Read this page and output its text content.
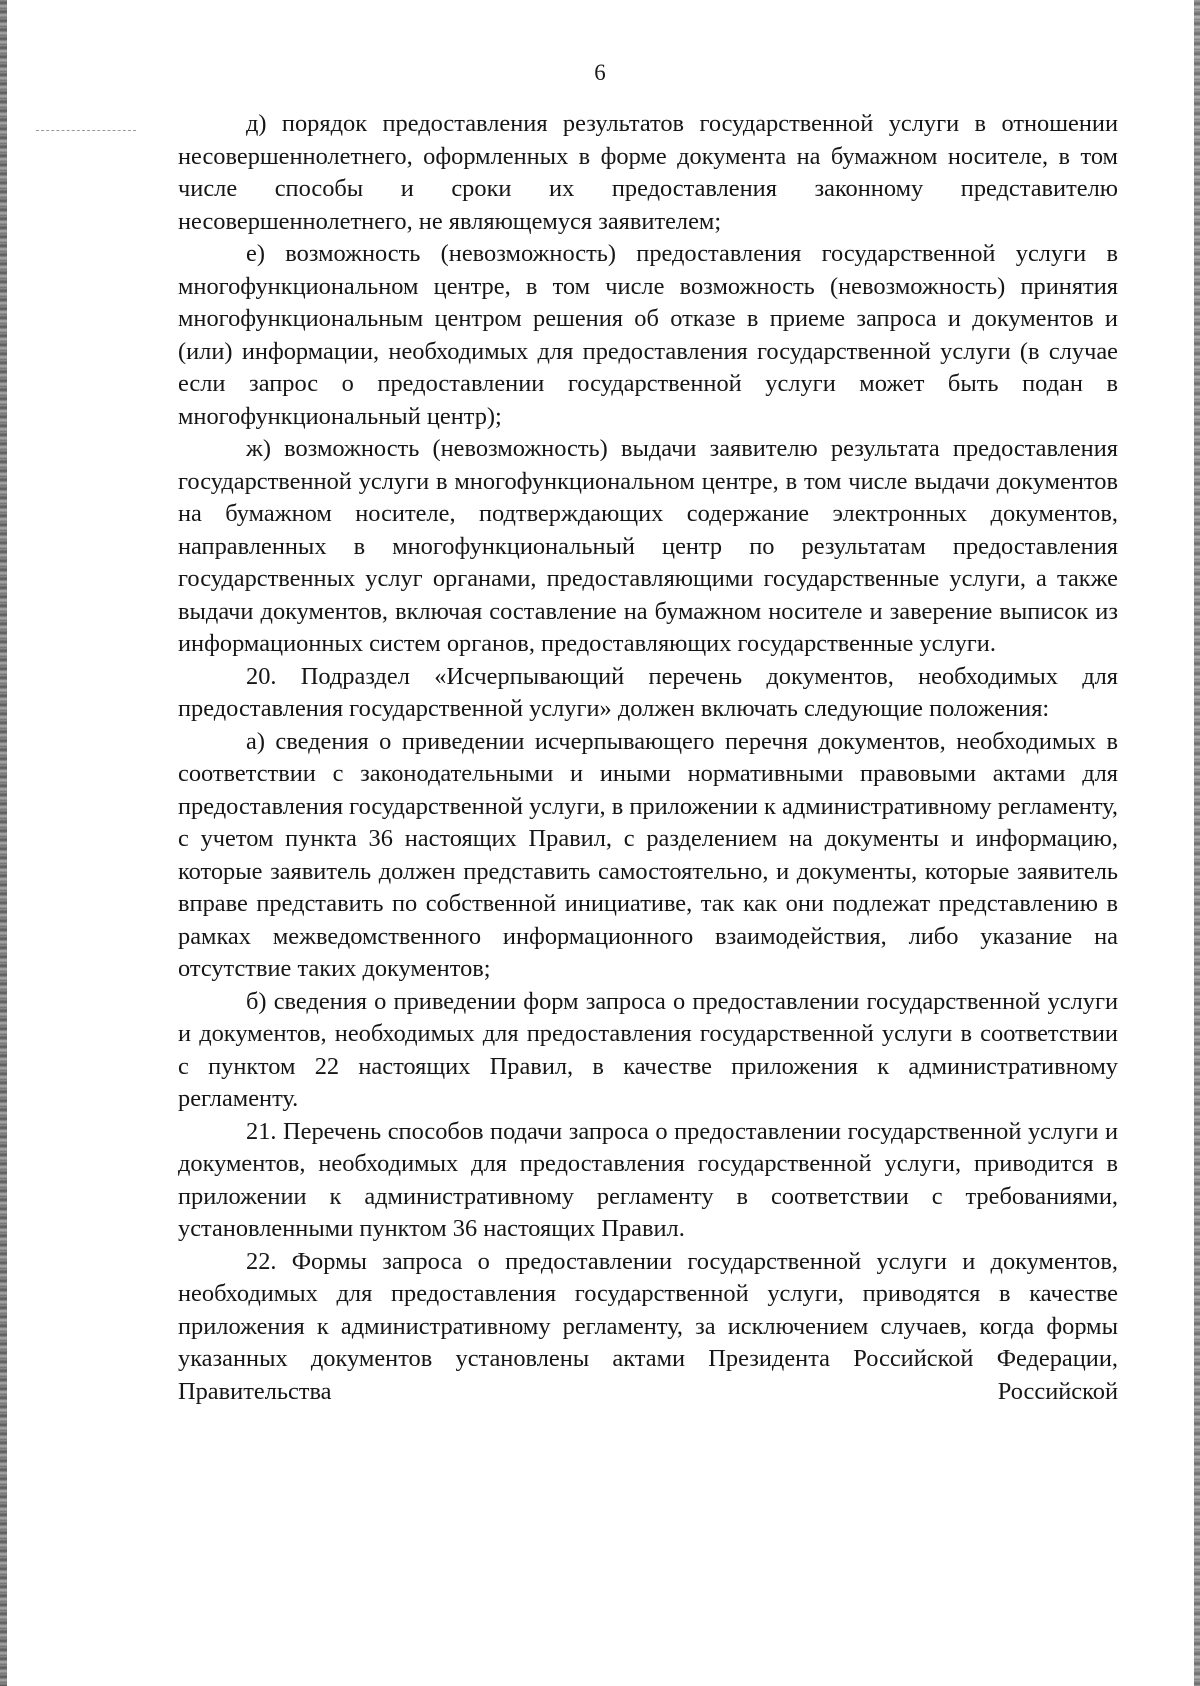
6

д) порядок предоставления результатов государственной услуги в отношении несовершеннолетнего, оформленных в форме документа на бумажном носителе, в том числе способы и сроки их предоставления законному представителю несовершеннолетнего, не являющемуся заявителем;

е) возможность (невозможность) предоставления государственной услуги в многофункциональном центре, в том числе возможность (невозможность) принятия многофункциональным центром решения об отказе в приеме запроса и документов и (или) информации, необходимых для предоставления государственной услуги (в случае если запрос о предоставлении государственной услуги может быть подан в многофункциональный центр);

ж) возможность (невозможность) выдачи заявителю результата предоставления государственной услуги в многофункциональном центре, в том числе выдачи документов на бумажном носителе, подтверждающих содержание электронных документов, направленных в многофункциональный центр по результатам предоставления государственных услуг органами, предоставляющими государственные услуги, а также выдачи документов, включая составление на бумажном носителе и заверение выписок из информационных систем органов, предоставляющих государственные услуги.

20. Подраздел «Исчерпывающий перечень документов, необходимых для предоставления государственной услуги» должен включать следующие положения:

а) сведения о приведении исчерпывающего перечня документов, необходимых в соответствии с законодательными и иными нормативными правовыми актами для предоставления государственной услуги, в приложении к административному регламенту, с учетом пункта 36 настоящих Правил, с разделением на документы и информацию, которые заявитель должен представить самостоятельно, и документы, которые заявитель вправе представить по собственной инициативе, так как они подлежат представлению в рамках межведомственного информационного взаимодействия, либо указание на отсутствие таких документов;

б) сведения о приведении форм запроса о предоставлении государственной услуги и документов, необходимых для предоставления государственной услуги в соответствии с пунктом 22 настоящих Правил, в качестве приложения к административному регламенту.

21. Перечень способов подачи запроса о предоставлении государственной услуги и документов, необходимых для предоставления государственной услуги, приводится в приложении к административному регламенту в соответствии с требованиями, установленными пунктом 36 настоящих Правил.

22. Формы запроса о предоставлении государственной услуги и документов, необходимых для предоставления государственной услуги, приводятся в качестве приложения к административному регламенту, за исключением случаев, когда формы указанных документов установлены актами Президента Российской Федерации, Правительства Российской
